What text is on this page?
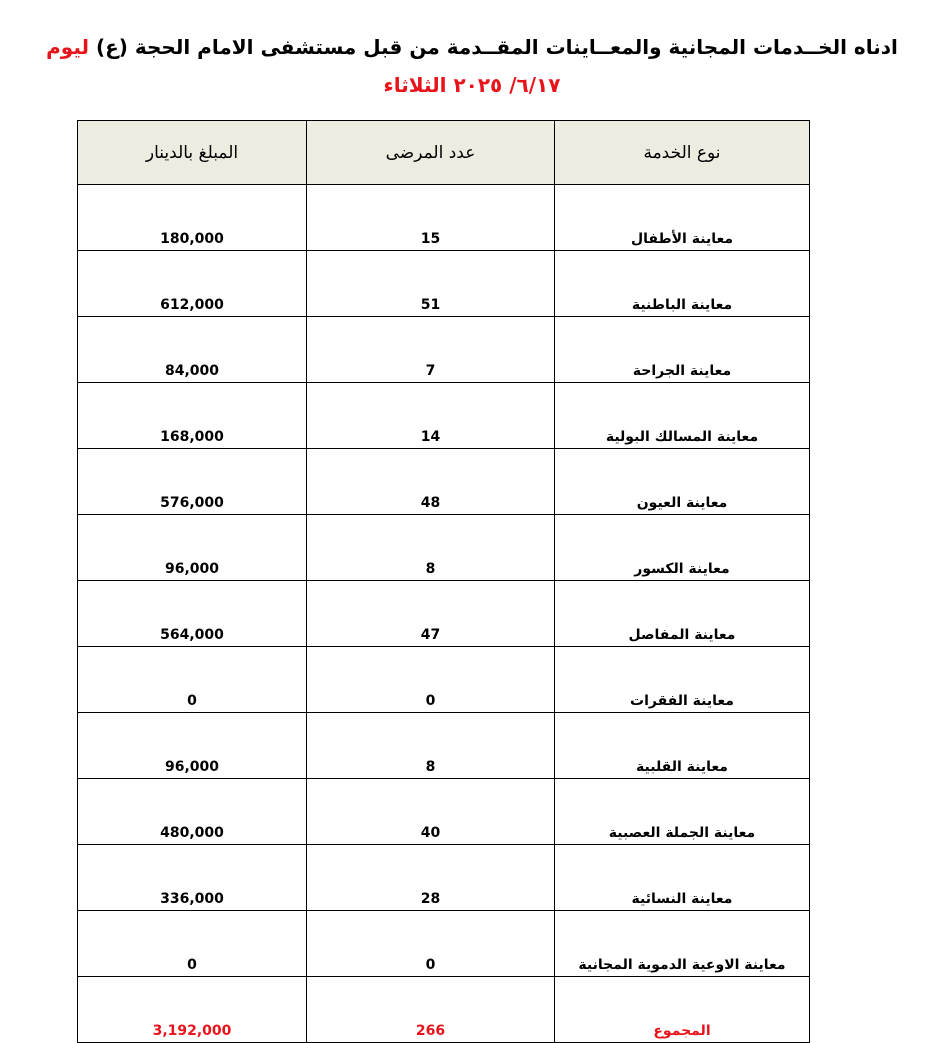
ادناه الخــدمات المجانية والمعــاينات المقــدمة من قبل مستشفى الامام الحجة (ع) ليوم
٦/١٧/ ٢٠٢٥ الثلاثاء
نوع الخدمة	عدد المرضى	المبلغ بالدينار
معاينة الأطفال	15	180,000
معاينة الباطنية	51	612,000
معاينة الجراحة	7	84,000
معاينة المسالك البولية	14	168,000
معاينة العيون	48	576,000
معاينة الكسور	8	96,000
معاينة المفاصل	47	564,000
معاينة الفقرات	0	0
معاينة القلبية	8	96,000
معاينة الجملة العصبية	40	480,000
معاينة النسائية	28	336,000
معاينة الاوعية الدموية المجانية	0	0
المجموع	266	3,192,000
